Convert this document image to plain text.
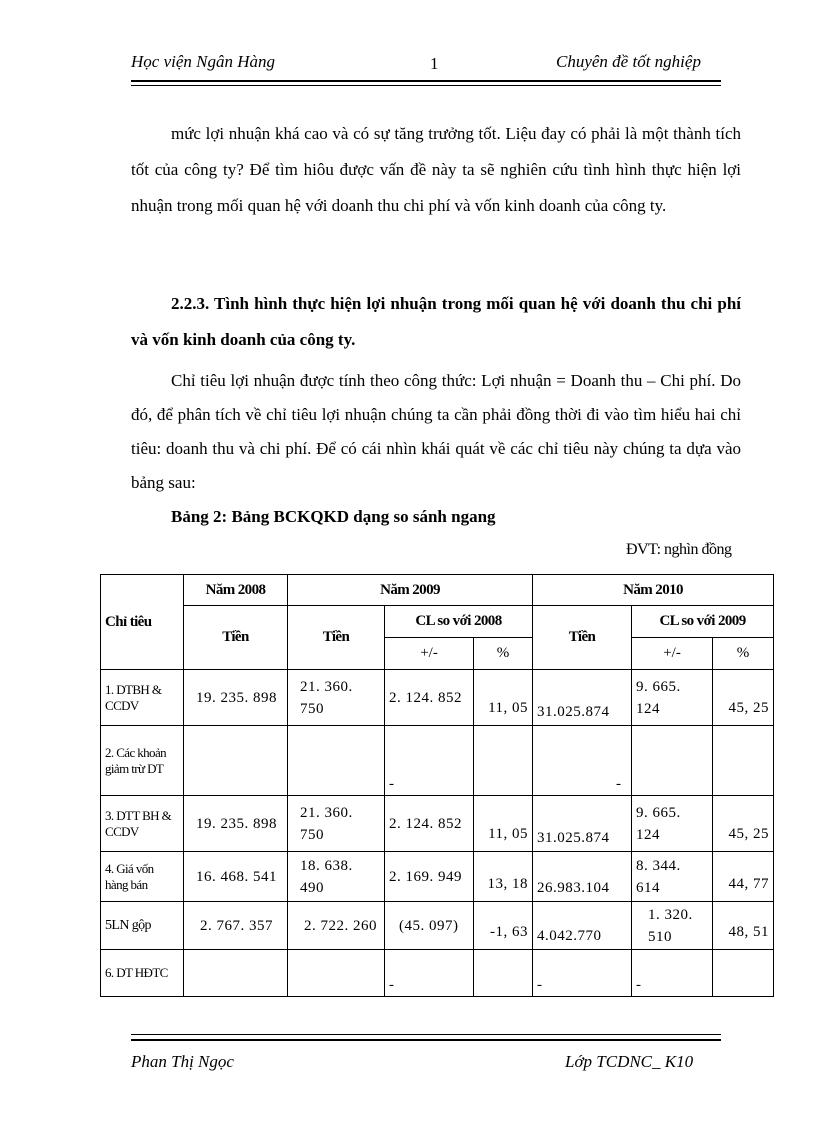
Học viện Ngân Hàng	1	Chuyên đề tốt nghiệp

mức lợi nhuận khá cao và có sự tăng trưởng tốt. Liệu đay có phải là một thành tích tốt của công ty? Để tìm hiôu được vấn đề này ta sẽ nghiên cứu tình hình thực hiện lợi nhuận trong mối quan hệ với doanh thu chi phí và vốn kinh doanh của công ty.

2.2.3. Tình hình thực hiện lợi nhuận trong mối quan hệ với doanh thu chi phí và vốn kinh doanh của công ty.

Chỉ tiêu lợi nhuận được tính theo công thức: Lợi nhuận = Doanh thu – Chi phí. Do đó, để phân tích về chỉ tiêu lợi nhuận chúng ta cần phải đồng thời đi vào tìm hiểu hai chỉ tiêu: doanh thu và chi phí. Để có cái nhìn khái quát về các chỉ tiêu này chúng ta dựa vào bảng sau:

Bảng 2: Bảng BCKQKD dạng so sánh ngang
ĐVT: nghìn đồng
Chỉ tiêu	Năm 2008	Năm 2009			Năm 2010		
	Tiền	Tiền	CL so với 2008		Tiền	CL so với 2009	
			+/-	%		+/-	%
1. DTBH & CCDV	19. 235. 898	21. 360. 750	2. 124. 852	11, 05	31.025.874	9. 665. 124	45, 25
2. Các khoản giảm trừ DT			-		-		
3. DTT BH & CCDV	19. 235. 898	21. 360. 750	2. 124. 852	11, 05	31.025.874	9. 665. 124	45, 25
4. Giá vốn hàng bán	16. 468. 541	18. 638. 490	2. 169. 949	13, 18	26.983.104	8. 344. 614	44, 77
5LN gộp	2. 767. 357	2. 722. 260	(45. 097)	-1, 63	4.042.770	1. 320. 510	48, 51
6. DT HĐTC			-		-	-	
Phan Thị Ngọc	Lớp TCDNC_ K10
